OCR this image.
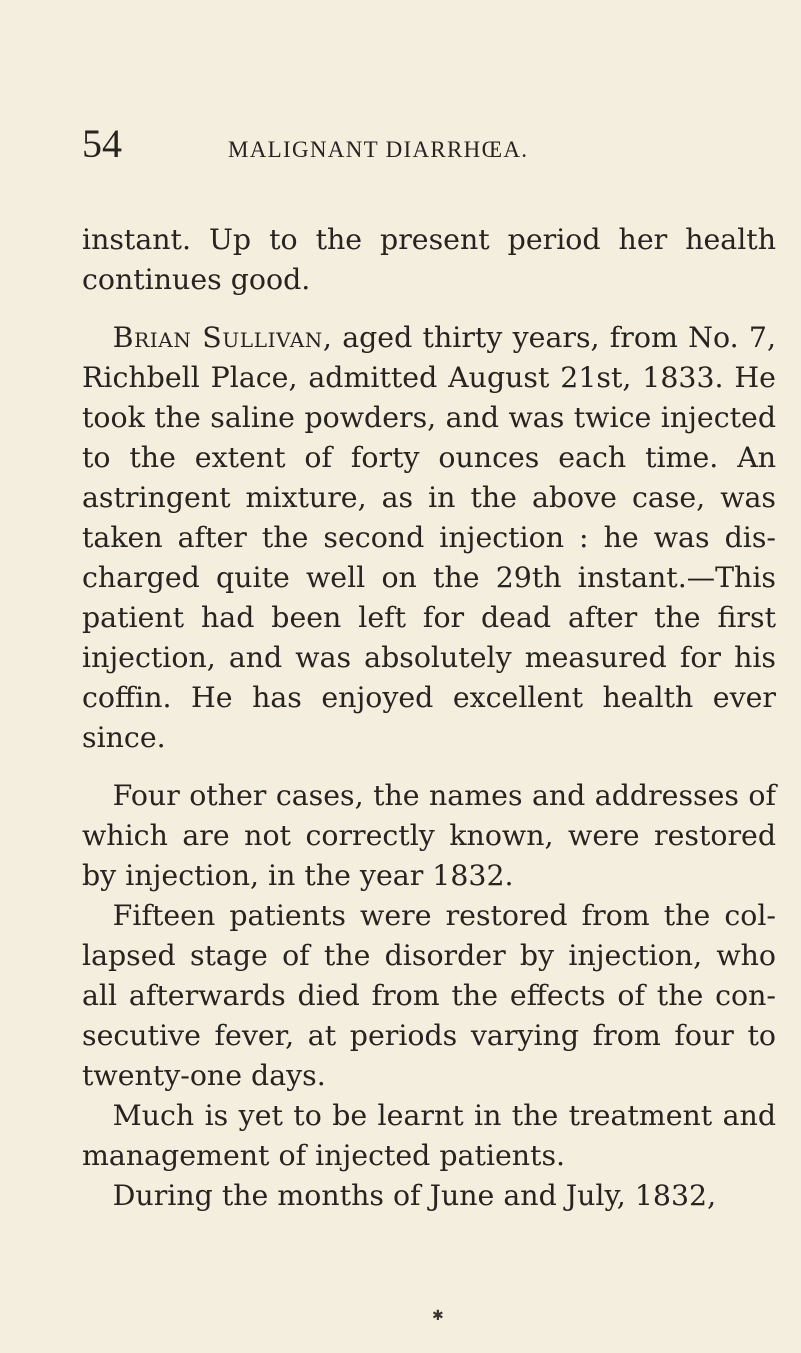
54	MALIGNANT DIARRHŒA.

instant. Up to the present period her health continues good.

Brian Sullivan, aged thirty years, from No. 7, Richbell Place, admitted August 21st, 1833. He took the saline powders, and was twice injected to the extent of forty ounces each time. An astringent mixture, as in the above case, was taken after the second injection : he was dis-charged quite well on the 29th instant.—This patient had been left for dead after the first injection, and was absolutely measured for his coffin. He has enjoyed excellent health ever since.

Four other cases, the names and addresses of which are not correctly known, were restored by injection, in the year 1832.

Fifteen patients were restored from the col-lapsed stage of the disorder by injection, who all afterwards died from the effects of the con-secutive fever, at periods varying from four to twenty-one days.

Much is yet to be learnt in the treatment and management of injected patients.

During the months of June and July, 1832,

✱
